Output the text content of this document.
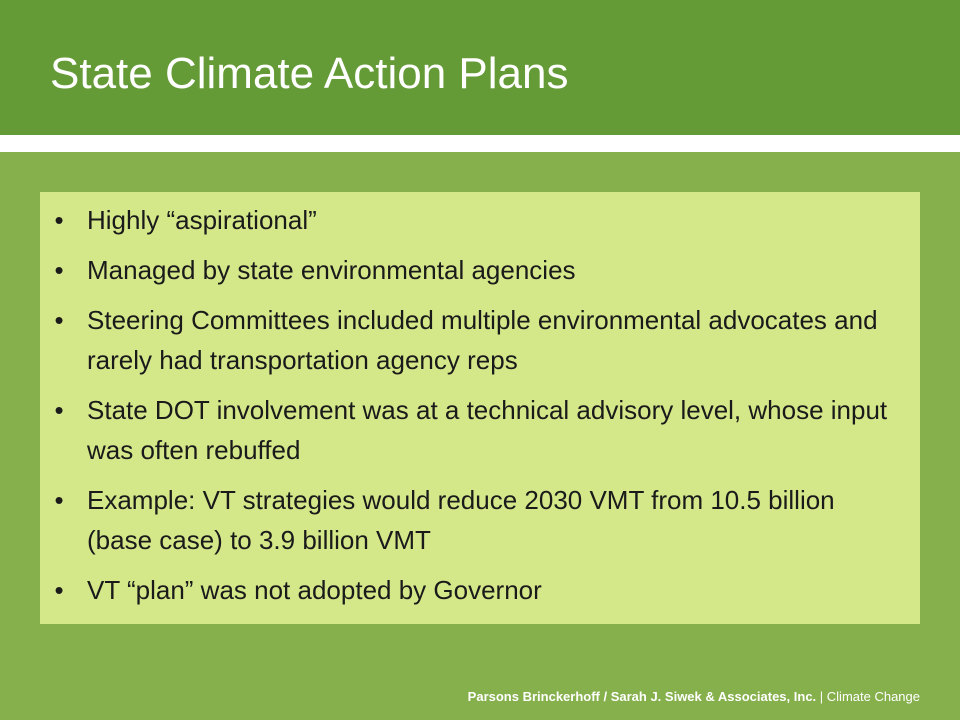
State Climate Action Plans
• Highly “aspirational”
• Managed by state environmental agencies
• Steering Committees included multiple environmental advocates and rarely had transportation agency reps
• State DOT involvement was at a technical advisory level, whose input was often rebuffed
• Example: VT strategies would reduce 2030 VMT from 10.5 billion (base case) to 3.9 billion VMT
• VT “plan” was not adopted by Governor
Parsons Brinckerhoff / Sarah J. Siwek & Associates, Inc. | Climate Change
